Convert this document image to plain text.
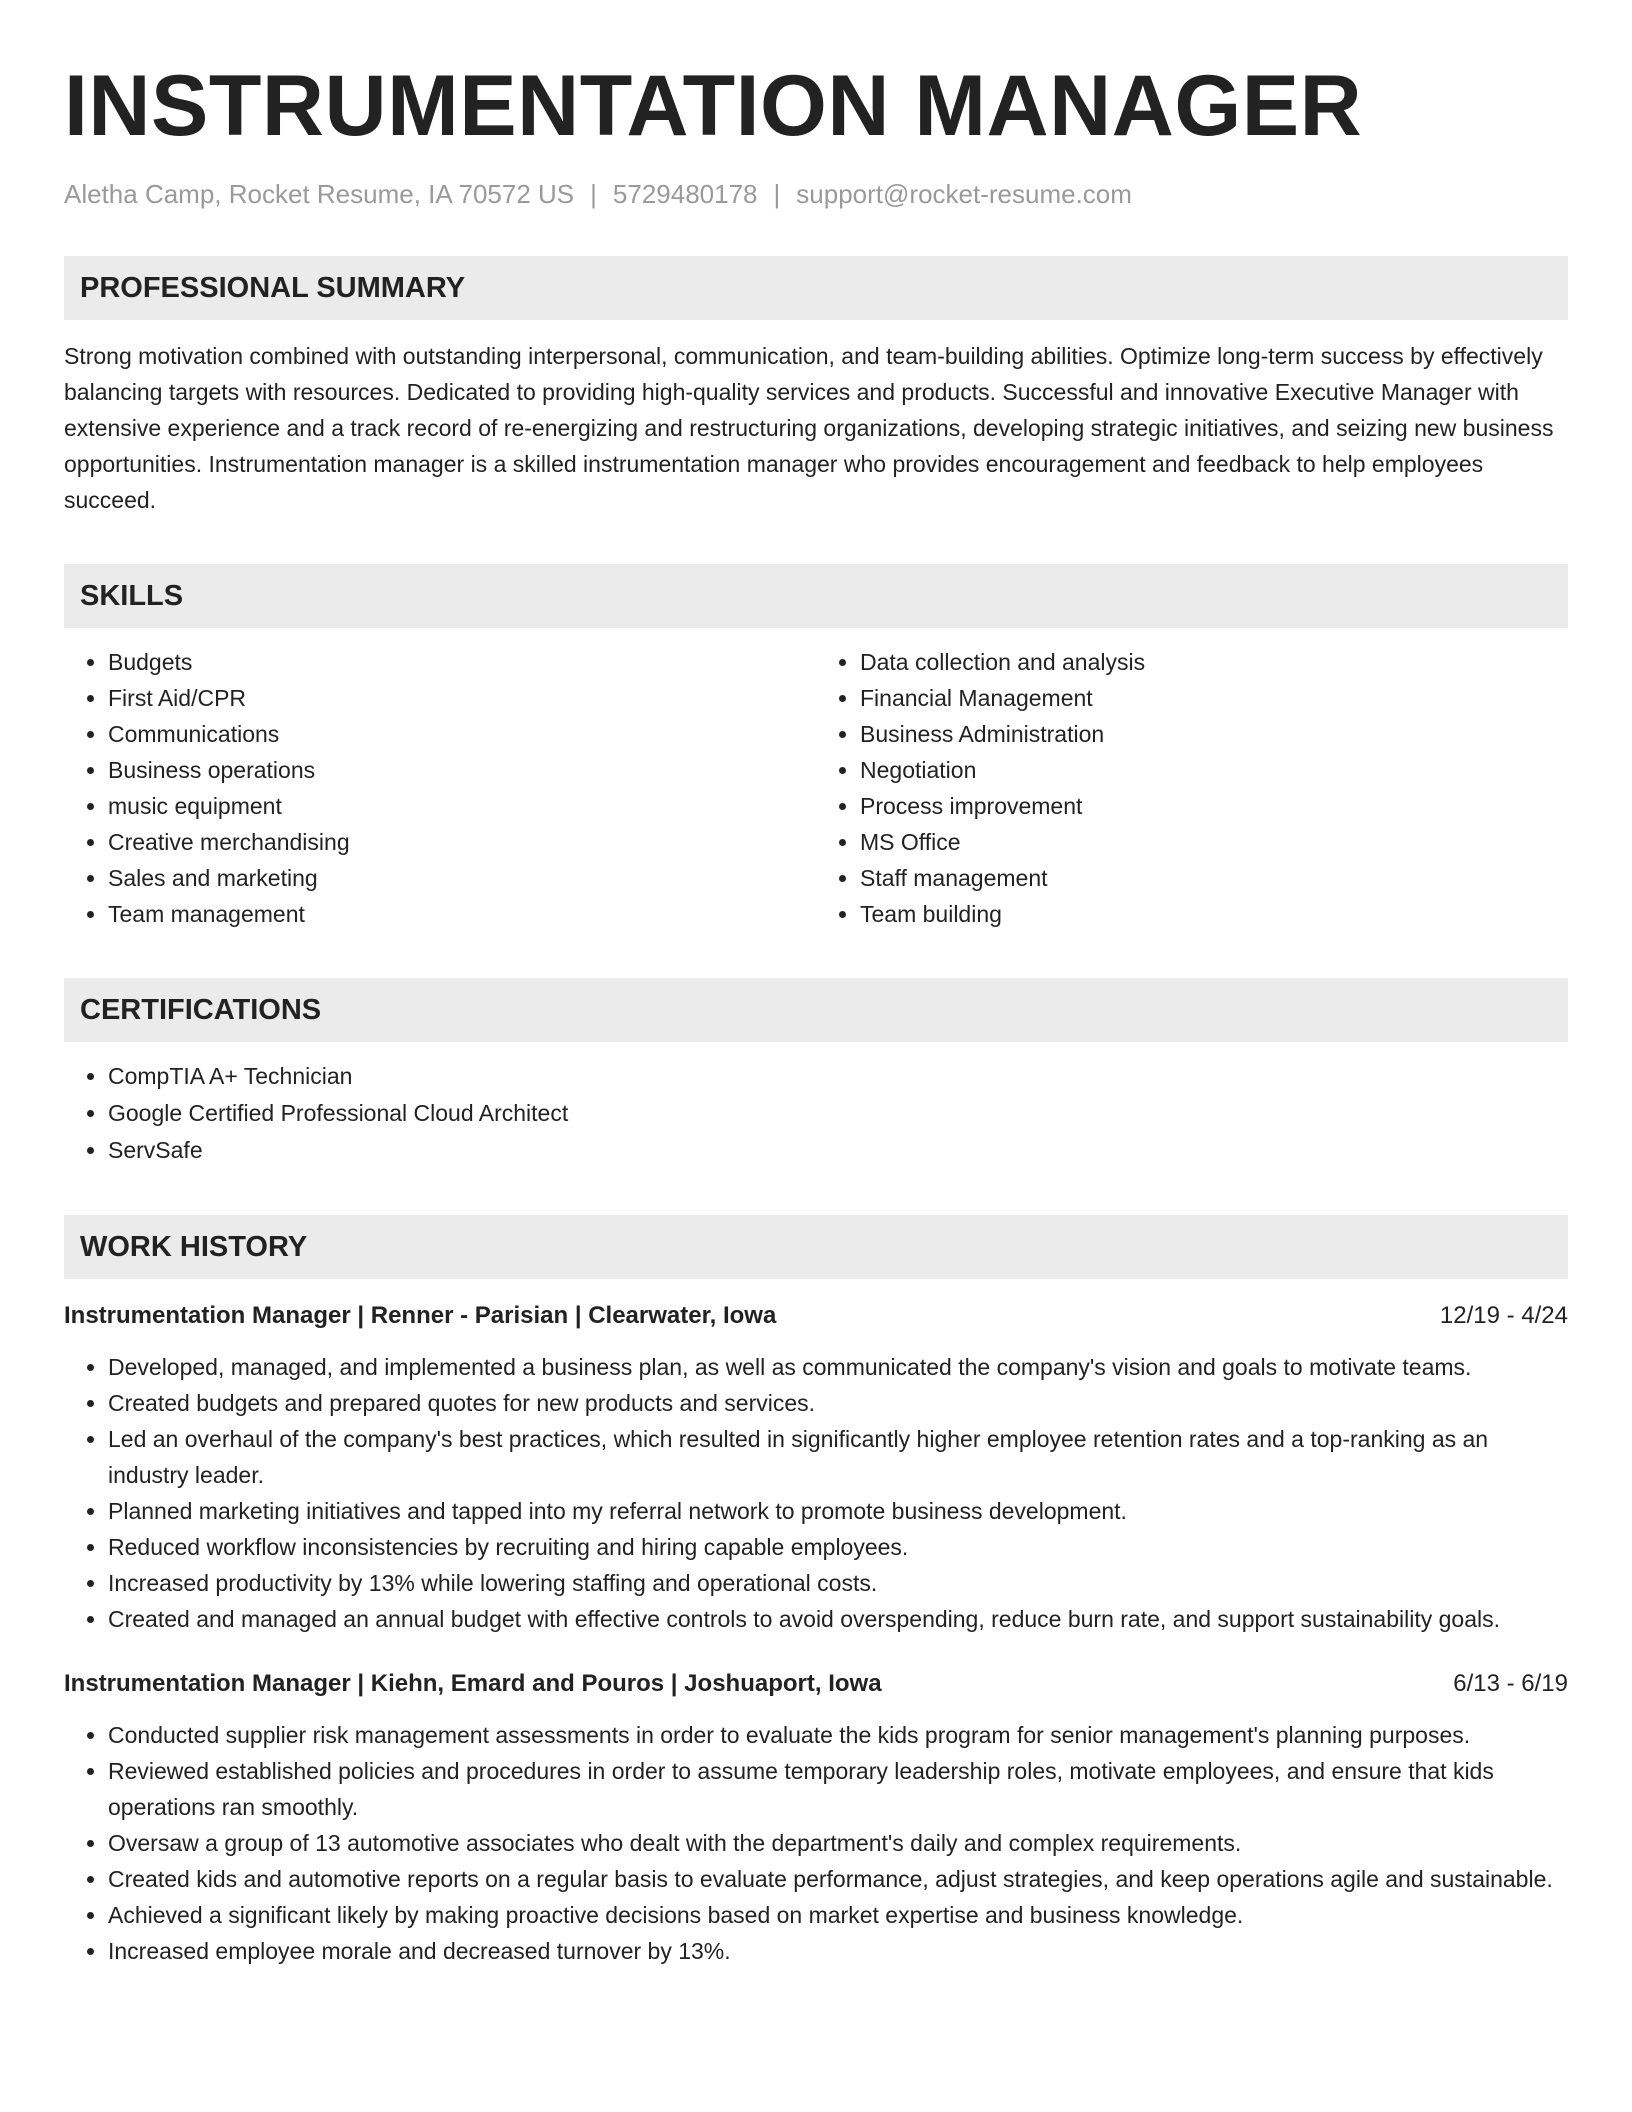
INSTRUMENTATION MANAGER
Aletha Camp, Rocket Resume, IA 70572 US | 5729480178 | support@rocket-resume.com
PROFESSIONAL SUMMARY

Strong motivation combined with outstanding interpersonal, communication, and team-building abilities. Optimize long-term success by effectively balancing targets with resources. Dedicated to providing high-quality services and products. Successful and innovative Executive Manager with extensive experience and a track record of re-energizing and restructuring organizations, developing strategic initiatives, and seizing new business opportunities. Instrumentation manager is a skilled instrumentation manager who provides encouragement and feedback to help employees succeed.

SKILLS
• Budgets
• First Aid/CPR
• Communications
• Business operations
• music equipment
• Creative merchandising
• Sales and marketing
• Team management
• Data collection and analysis
• Financial Management
• Business Administration
• Negotiation
• Process improvement
• MS Office
• Staff management
• Team building
CERTIFICATIONS
• CompTIA A+ Technician
• Google Certified Professional Cloud Architect
• ServSafe
WORK HISTORY
Instrumentation Manager | Renner - Parisian | Clearwater, Iowa	12/19 - 4/24
• Developed, managed, and implemented a business plan, as well as communicated the company's vision and goals to motivate teams.
• Created budgets and prepared quotes for new products and services.
• Led an overhaul of the company's best practices, which resulted in significantly higher employee retention rates and a top-ranking as an industry leader.
• Planned marketing initiatives and tapped into my referral network to promote business development.
• Reduced workflow inconsistencies by recruiting and hiring capable employees.
• Increased productivity by 13% while lowering staffing and operational costs.
• Created and managed an annual budget with effective controls to avoid overspending, reduce burn rate, and support sustainability goals.
Instrumentation Manager | Kiehn, Emard and Pouros | Joshuaport, Iowa	6/13 - 6/19
• Conducted supplier risk management assessments in order to evaluate the kids program for senior management's planning purposes.
• Reviewed established policies and procedures in order to assume temporary leadership roles, motivate employees, and ensure that kids operations ran smoothly.
• Oversaw a group of 13 automotive associates who dealt with the department's daily and complex requirements.
• Created kids and automotive reports on a regular basis to evaluate performance, adjust strategies, and keep operations agile and sustainable.
• Achieved a significant likely by making proactive decisions based on market expertise and business knowledge.
• Increased employee morale and decreased turnover by 13%.
